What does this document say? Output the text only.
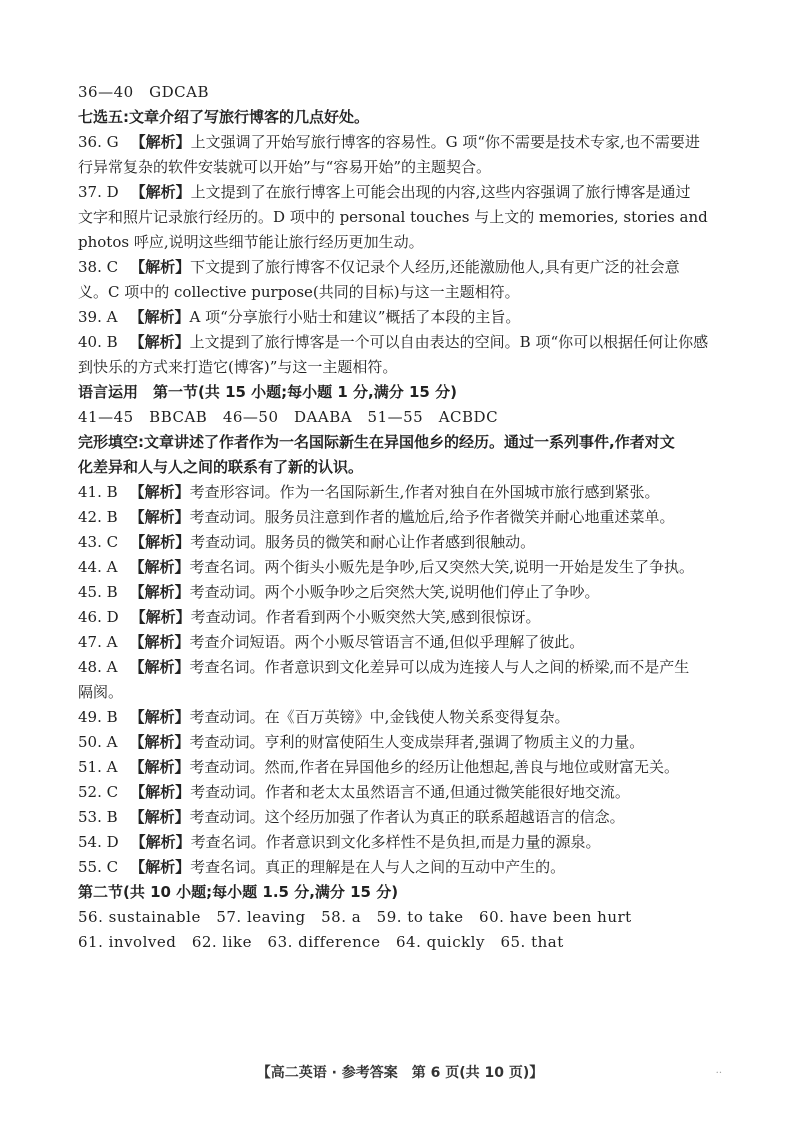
36—40　GDCAB
七选五:文章介绍了写旅行博客的几点好处。
36. G 【解析】上文强调了开始写旅行博客的容易性。G 项“你不需要是技术专家,也不需要进
行异常复杂的软件安装就可以开始”与“容易开始”的主题契合。
37. D 【解析】上文提到了在旅行博客上可能会出现的内容,这些内容强调了旅行博客是通过
文字和照片记录旅行经历的。D 项中的 personal touches 与上文的 memories, stories and
photos 呼应,说明这些细节能让旅行经历更加生动。
38. C 【解析】下文提到了旅行博客不仅记录个人经历,还能激励他人,具有更广泛的社会意
义。C 项中的 collective purpose(共同的目标)与这一主题相符。
39. A 【解析】A 项“分享旅行小贴士和建议”概括了本段的主旨。
40. B 【解析】上文提到了旅行博客是一个可以自由表达的空间。B 项“你可以根据任何让你感
到快乐的方式来打造它(博客)”与这一主题相符。
语言运用　第一节(共 15 小题;每小题 1 分,满分 15 分)
41—45　BBCAB　46—50　DAABA　51—55　ACBDC
完形填空:文章讲述了作者作为一名国际新生在异国他乡的经历。通过一系列事件,作者对文
化差异和人与人之间的联系有了新的认识。
41. B 【解析】考查形容词。作为一名国际新生,作者对独自在外国城市旅行感到紧张。
42. B 【解析】考查动词。服务员注意到作者的尴尬后,给予作者微笑并耐心地重述菜单。
43. C 【解析】考查动词。服务员的微笑和耐心让作者感到很触动。
44. A 【解析】考查名词。两个街头小贩先是争吵,后又突然大笑,说明一开始是发生了争执。
45. B 【解析】考查动词。两个小贩争吵之后突然大笑,说明他们停止了争吵。
46. D 【解析】考查动词。作者看到两个小贩突然大笑,感到很惊讶。
47. A 【解析】考查介词短语。两个小贩尽管语言不通,但似乎理解了彼此。
48. A 【解析】考查名词。作者意识到文化差异可以成为连接人与人之间的桥梁,而不是产生
隔阂。
49. B 【解析】考查动词。在《百万英镑》中,金钱使人物关系变得复杂。
50. A 【解析】考查动词。亨利的财富使陌生人变成崇拜者,强调了物质主义的力量。
51. A 【解析】考查动词。然而,作者在异国他乡的经历让他想起,善良与地位或财富无关。
52. C 【解析】考查动词。作者和老太太虽然语言不通,但通过微笑能很好地交流。
53. B 【解析】考查动词。这个经历加强了作者认为真正的联系超越语言的信念。
54. D 【解析】考查名词。作者意识到文化多样性不是负担,而是力量的源泉。
55. C 【解析】考查名词。真正的理解是在人与人之间的互动中产生的。
第二节(共 10 小题;每小题 1.5 分,满分 15 分)
56. sustainable　57. leaving　58. a　59. to take　60. have been hurt
61. involved　62. like　63. difference　64. quickly　65. that
【高二英语 · 参考答案　第 6 页(共 10 页)】	..
